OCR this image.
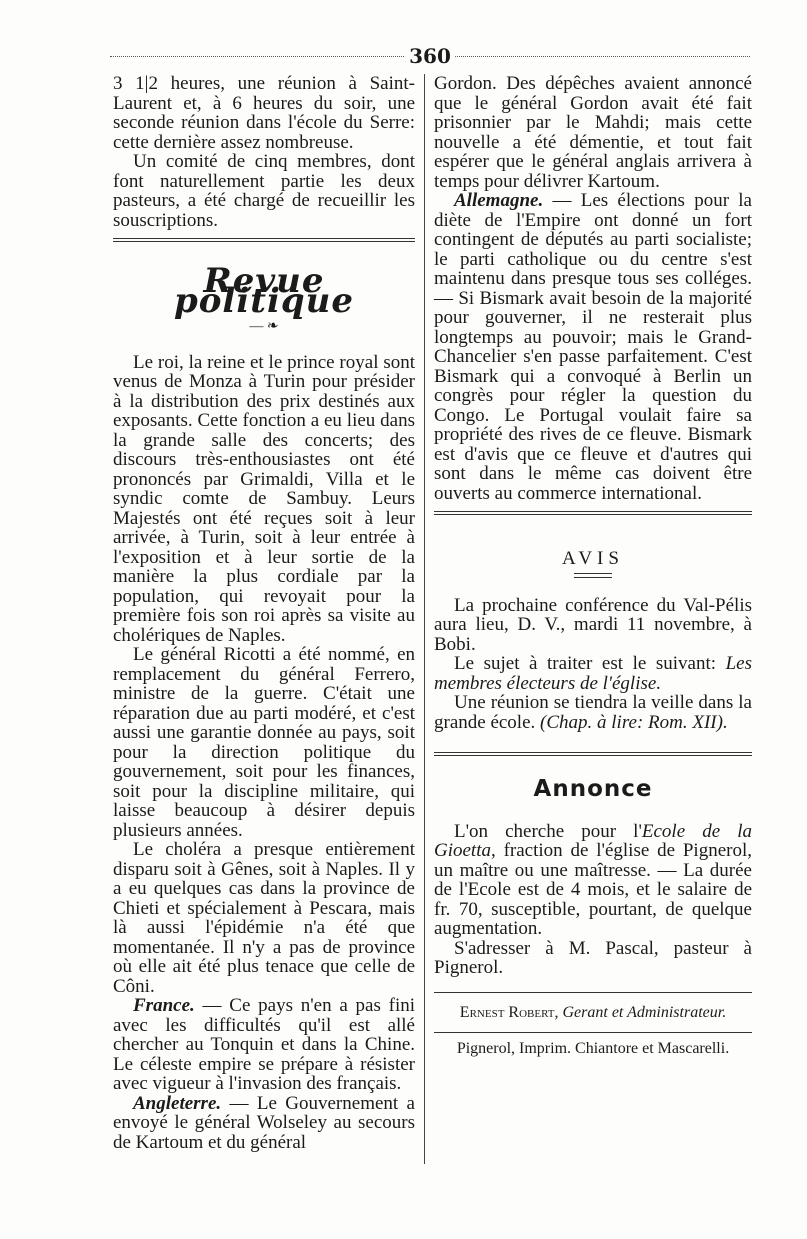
360

3 1|2 heures, une réunion à Saint-Laurent et, à 6 heures du soir, une seconde réunion dans l'école du Serre: cette dernière assez nombreuse.

Un comité de cinq membres, dont font naturellement partie les deux pasteurs, a été chargé de recueillir les souscriptions.

Revue politique
— ❧

Le roi, la reine et le prince royal sont venus de Monza à Turin pour présider à la distribution des prix destinés aux exposants. Cette fonction a eu lieu dans la grande salle des concerts; des discours très-enthousiastes ont été prononcés par Grimaldi, Villa et le syndic comte de Sambuy. Leurs Majestés ont été reçues soit à leur arrivée, à Turin, soit à leur entrée à l'exposition et à leur sortie de la manière la plus cordiale par la population, qui revoyait pour la première fois son roi après sa visite au cholériques de Naples.

Le général Ricotti a été nommé, en remplacement du général Ferrero, ministre de la guerre. C'était une réparation due au parti modéré, et c'est aussi une garantie donnée au pays, soit pour la direction politique du gouvernement, soit pour les finances, soit pour la discipline militaire, qui laisse beaucoup à désirer depuis plusieurs années.

Le choléra a presque entièrement disparu soit à Gênes, soit à Naples. Il y a eu quelques cas dans la province de Chieti et spécialement à Pescara, mais là aussi l'épidémie n'a été que momentanée. Il n'y a pas de province où elle ait été plus tenace que celle de Côni.

France. — Ce pays n'en a pas fini avec les difficultés qu'il est allé chercher au Tonquin et dans la Chine. Le céleste empire se prépare à résister avec vigueur à l'invasion des français.

Angleterre. — Le Gouvernement a envoyé le général Wolseley au secours de Kartoum et du général

Gordon. Des dépêches avaient annoncé que le général Gordon avait été fait prisonnier par le Mahdi; mais cette nouvelle a été démentie, et tout fait espérer que le général anglais arrivera à temps pour délivrer Kartoum.

Allemagne. — Les élections pour la diète de l'Empire ont donné un fort contingent de députés au parti socialiste; le parti catholique ou du centre s'est maintenu dans presque tous ses colléges. — Si Bismark avait besoin de la majorité pour gouverner, il ne resterait plus longtemps au pouvoir; mais le Grand-Chancelier s'en passe parfaitement. C'est Bismark qui a convoqué à Berlin un congrès pour régler la question du Congo. Le Portugal voulait faire sa propriété des rives de ce fleuve. Bismark est d'avis que ce fleuve et d'autres qui sont dans le même cas doivent être ouverts au commerce international.

AVIS

La prochaine conférence du Val-Pélis aura lieu, D. V., mardi 11 novembre, à Bobi.

Le sujet à traiter est le suivant: Les membres électeurs de l'église.

Une réunion se tiendra la veille dans la grande école. (Chap. à lire: Rom. XII).

Annonce

L'on cherche pour l'Ecole de la Gioetta, fraction de l'église de Pignerol, un maître ou une maîtresse. — La durée de l'Ecole est de 4 mois, et le salaire de fr. 70, susceptible, pourtant, de quelque augmentation.

S'adresser à M. Pascal, pasteur à Pignerol.

Ernest Robert, Gerant et Administrateur.

Pignerol, Imprim. Chiantore et Mascarelli.
